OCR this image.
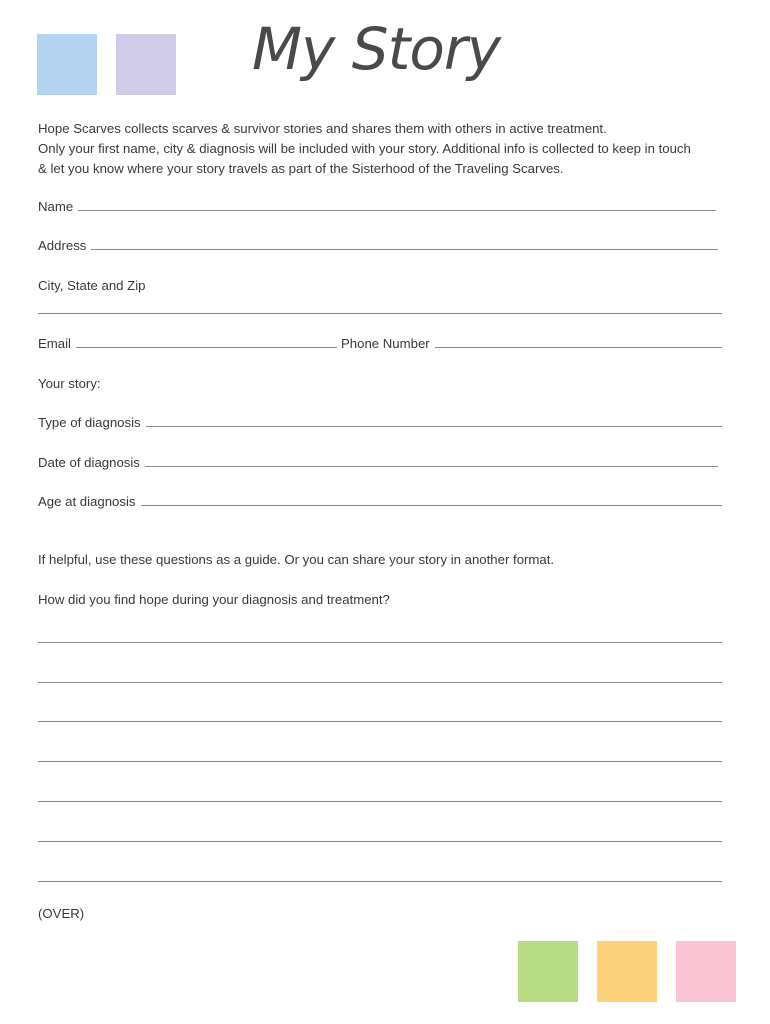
My Story
Hope Scarves collects scarves & survivor stories and shares them with others in active treatment.
Only your first name, city & diagnosis will be included with your story. Additional info is collected to keep in touch
& let you know where your story travels as part of the Sisterhood of the Traveling Scarves.
Name
Address
City, State and Zip
Email	Phone Number
Your story:
Type of diagnosis
Date of diagnosis
Age at diagnosis
If helpful, use these questions as a guide. Or you can share your story in another format.
How did you find hope during your diagnosis and treatment?
(OVER)
